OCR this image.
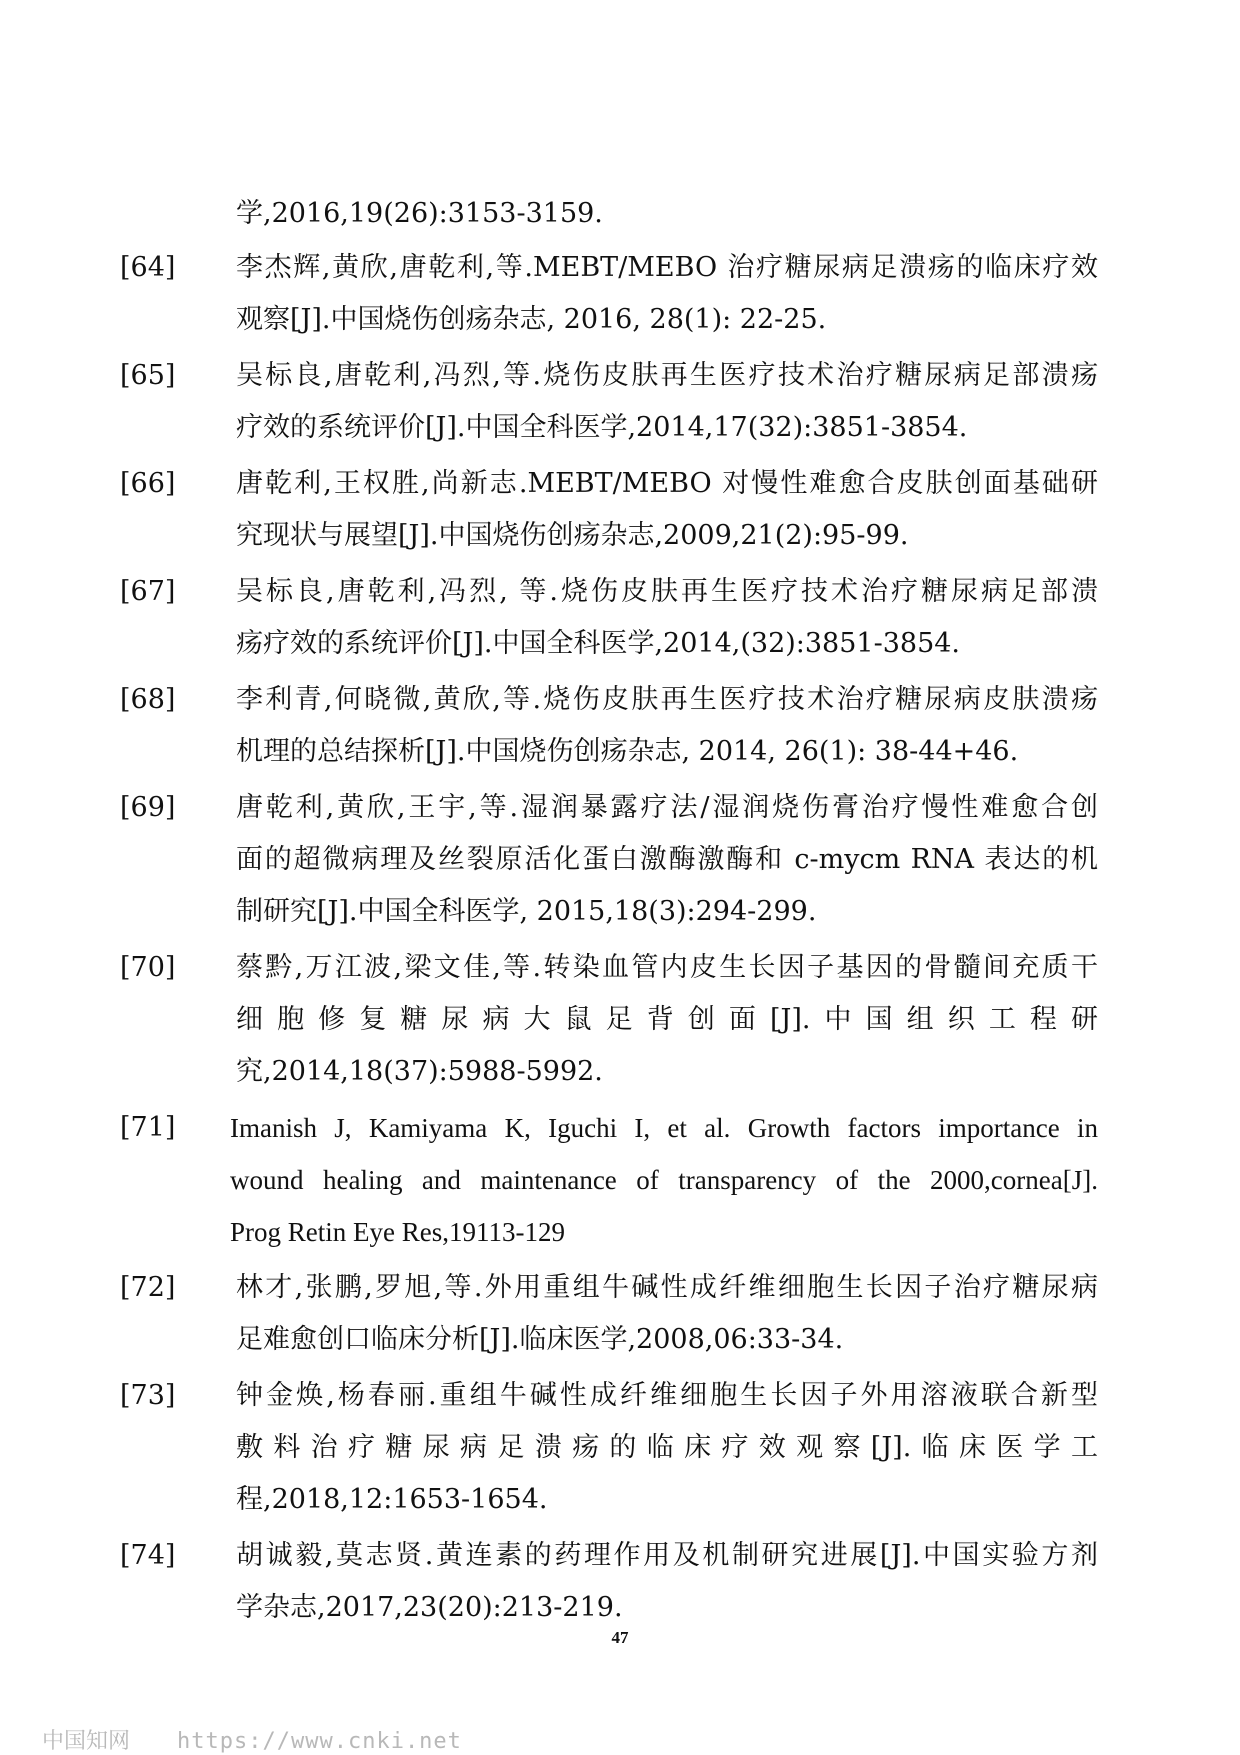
学,2016,19(26):3153-3159.
[64] 李杰辉,黄欣,唐乾利,等.MEBT/MEBO 治疗糖尿病足溃疡的临床疗效
观察[J].中国烧伤创疡杂志, 2016, 28(1): 22-25.
[65] 吴标良,唐乾利,冯烈,等.烧伤皮肤再生医疗技术治疗糖尿病足部溃疡
疗效的系统评价[J].中国全科医学,2014,17(32):3851-3854.
[66] 唐乾利,王权胜,尚新志.MEBT/MEBO 对慢性难愈合皮肤创面基础研
究现状与展望[J].中国烧伤创疡杂志,2009,21(2):95-99.
[67] 吴标良,唐乾利,冯烈, 等.烧伤皮肤再生医疗技术治疗糖尿病足部溃
疡疗效的系统评价[J].中国全科医学,2014,(32):3851-3854.
[68] 李利青,何晓微,黄欣,等.烧伤皮肤再生医疗技术治疗糖尿病皮肤溃疡
机理的总结探析[J].中国烧伤创疡杂志, 2014, 26(1): 38-44+46.
[69] 唐乾利,黄欣,王宇,等.湿润暴露疗法/湿润烧伤膏治疗慢性难愈合创
面的超微病理及丝裂原活化蛋白激酶激酶和 c-mycm RNA 表达的机
制研究[J].中国全科医学, 2015,18(3):294-299.
[70] 蔡黔,万江波,梁文佳,等.转染血管内皮生长因子基因的骨髓间充质干
细胞修复糖尿病大鼠足背创面[J].中国组织工程研
究,2014,18(37):5988-5992.
[71] Imanish J, Kamiyama K, Iguchi I, et al. Growth factors importance in
wound healing and maintenance of transparency of the 2000,cornea[J].
Prog Retin Eye Res,19113-129
[72] 林才,张鹏,罗旭,等.外用重组牛碱性成纤维细胞生长因子治疗糖尿病
足难愈创口临床分析[J].临床医学,2008,06:33-34.
[73] 钟金焕,杨春丽.重组牛碱性成纤维细胞生长因子外用溶液联合新型
敷料治疗糖尿病足溃疡的临床疗效观察[J].临床医学工
程,2018,12:1653-1654.
[74] 胡诚毅,莫志贤.黄连素的药理作用及机制研究进展[J].中国实验方剂
学杂志,2017,23(20):213-219.
47
中国知网 https://www.cnki.net
